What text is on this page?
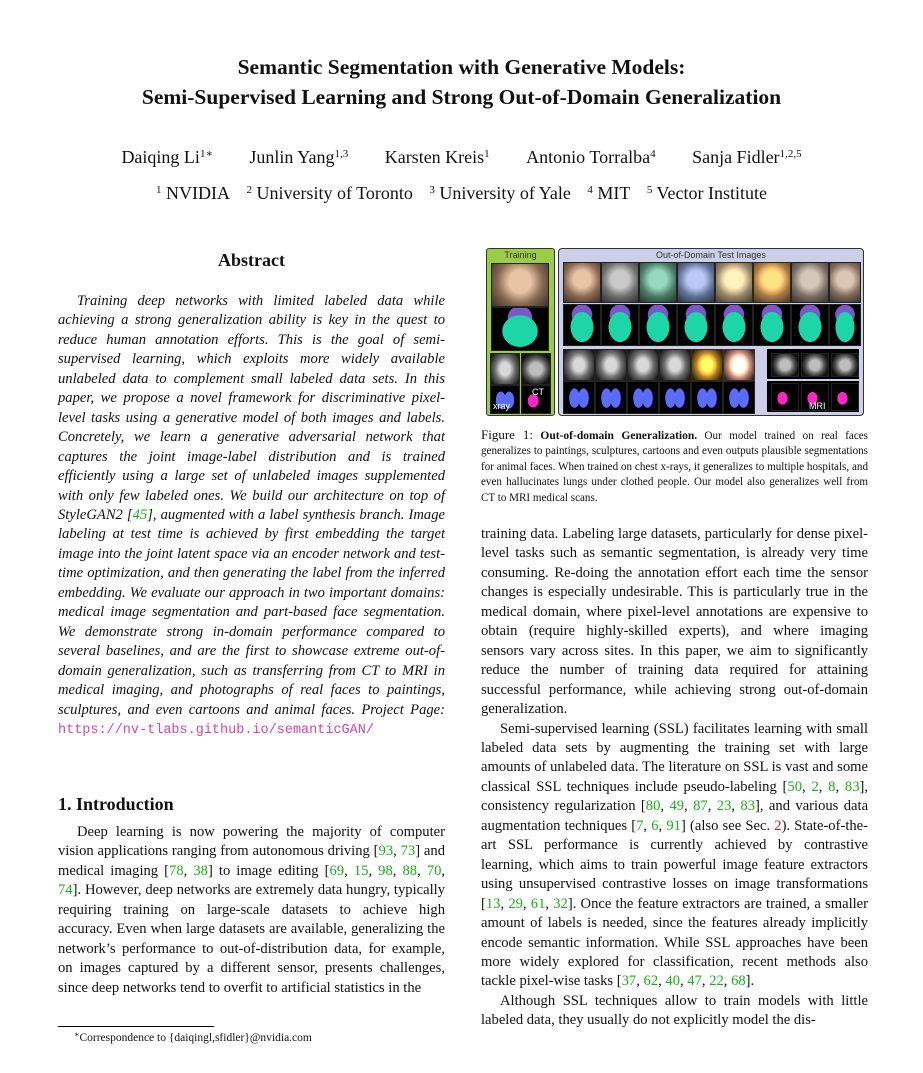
Semantic Segmentation with Generative Models:
Semi-Supervised Learning and Strong Out-of-Domain Generalization
Daiqing $Li^{1∗}$ Junlin Yang$^{1,3}$ Karsten Kreis$^1$ Antonio Torralba$^4$ Sanja Fidler$^{1,2,5}$
$^1$ NVIDIA $^2$ University of Toronto $^3$ University of Yale $^4$ MIT $^5$ Vector Institute
Abstract
Training deep networks with limited labeled data while achieving a strong generalization ability is key in the quest to reduce human annotation efforts. This is the goal of semi-supervised learning, which exploits more widely available unlabeled data to complement small labeled data sets. In this paper, we propose a novel framework for discriminative pixel-level tasks using a generative model of both images and labels. Concretely, we learn a generative adversarial network that captures the joint image-label distribution and is trained efficiently using a large set of unlabeled images supplemented with only few labeled ones. We build our architecture on top of StyleGAN2 [45], augmented with a label synthesis branch. Image labeling at test time is achieved by first embedding the target image into the joint latent space via an encoder network and test-time optimization, and then generating the label from the inferred embedding. We evaluate our approach in two important domains: medical image segmentation and part-based face segmentation. We demonstrate strong in-domain performance compared to several baselines, and are the first to showcase extreme out-of-domain generalization, such as transferring from CT to MRI in medical imaging, and photographs of real faces to paintings, sculptures, and even cartoons and animal faces. Project Page: https://nv-tlabs.github.io/semanticGAN/
1. Introduction

Deep learning is now powering the majority of computer vision applications ranging from autonomous driving [93, 73] and medical imaging [78, 38] to image editing [69, 15, 98, 88, 70, 74]. However, deep networks are extremely data hungry, typically requiring training on large-scale datasets to achieve high accuracy. Even when large datasets are available, generalizing the network’s performance to out-of-distribution data, for example, on images captured by a different sensor, presents challenges, since deep networks tend to overfit to artificial statistics in the

∗Correspondence to {daiqingl,sfidler}@nvidia.com
Training
xray
CT
Out-of-Domain Test Images
MRI
Figure 1: Out-of-domain Generalization. Our model trained on real faces generalizes to paintings, sculptures, cartoons and even outputs plausible segmentations for animal faces. When trained on chest x-rays, it generalizes to multiple hospitals, and even hallucinates lungs under clothed people. Our model also generalizes well from CT to MRI medical scans.

training data. Labeling large datasets, particularly for dense pixel-level tasks such as semantic segmentation, is already very time consuming. Re-doing the annotation effort each time the sensor changes is especially undesirable. This is particularly true in the medical domain, where pixel-level annotations are expensive to obtain (require highly-skilled experts), and where imaging sensors vary across sites. In this paper, we aim to significantly reduce the number of training data required for attaining successful performance, while achieving strong out-of-domain generalization.

Semi-supervised learning (SSL) facilitates learning with small labeled data sets by augmenting the training set with large amounts of unlabeled data. The literature on SSL is vast and some classical SSL techniques include pseudo-labeling [50, 2, 8, 83], consistency regularization [80, 49, 87, 23, 83], and various data augmentation techniques [7, 6, 91] (also see Sec. 2). State-of-the-art SSL performance is currently achieved by contrastive learning, which aims to train powerful image feature extractors using unsupervised contrastive losses on image transformations [13, 29, 61, 32]. Once the feature extractors are trained, a smaller amount of labels is needed, since the features already implicitly encode semantic information. While SSL approaches have been more widely explored for classification, recent methods also tackle pixel-wise tasks [37, 62, 40, 47, 22, 68].

Although SSL techniques allow to train models with little labeled data, they usually do not explicitly model the dis-
